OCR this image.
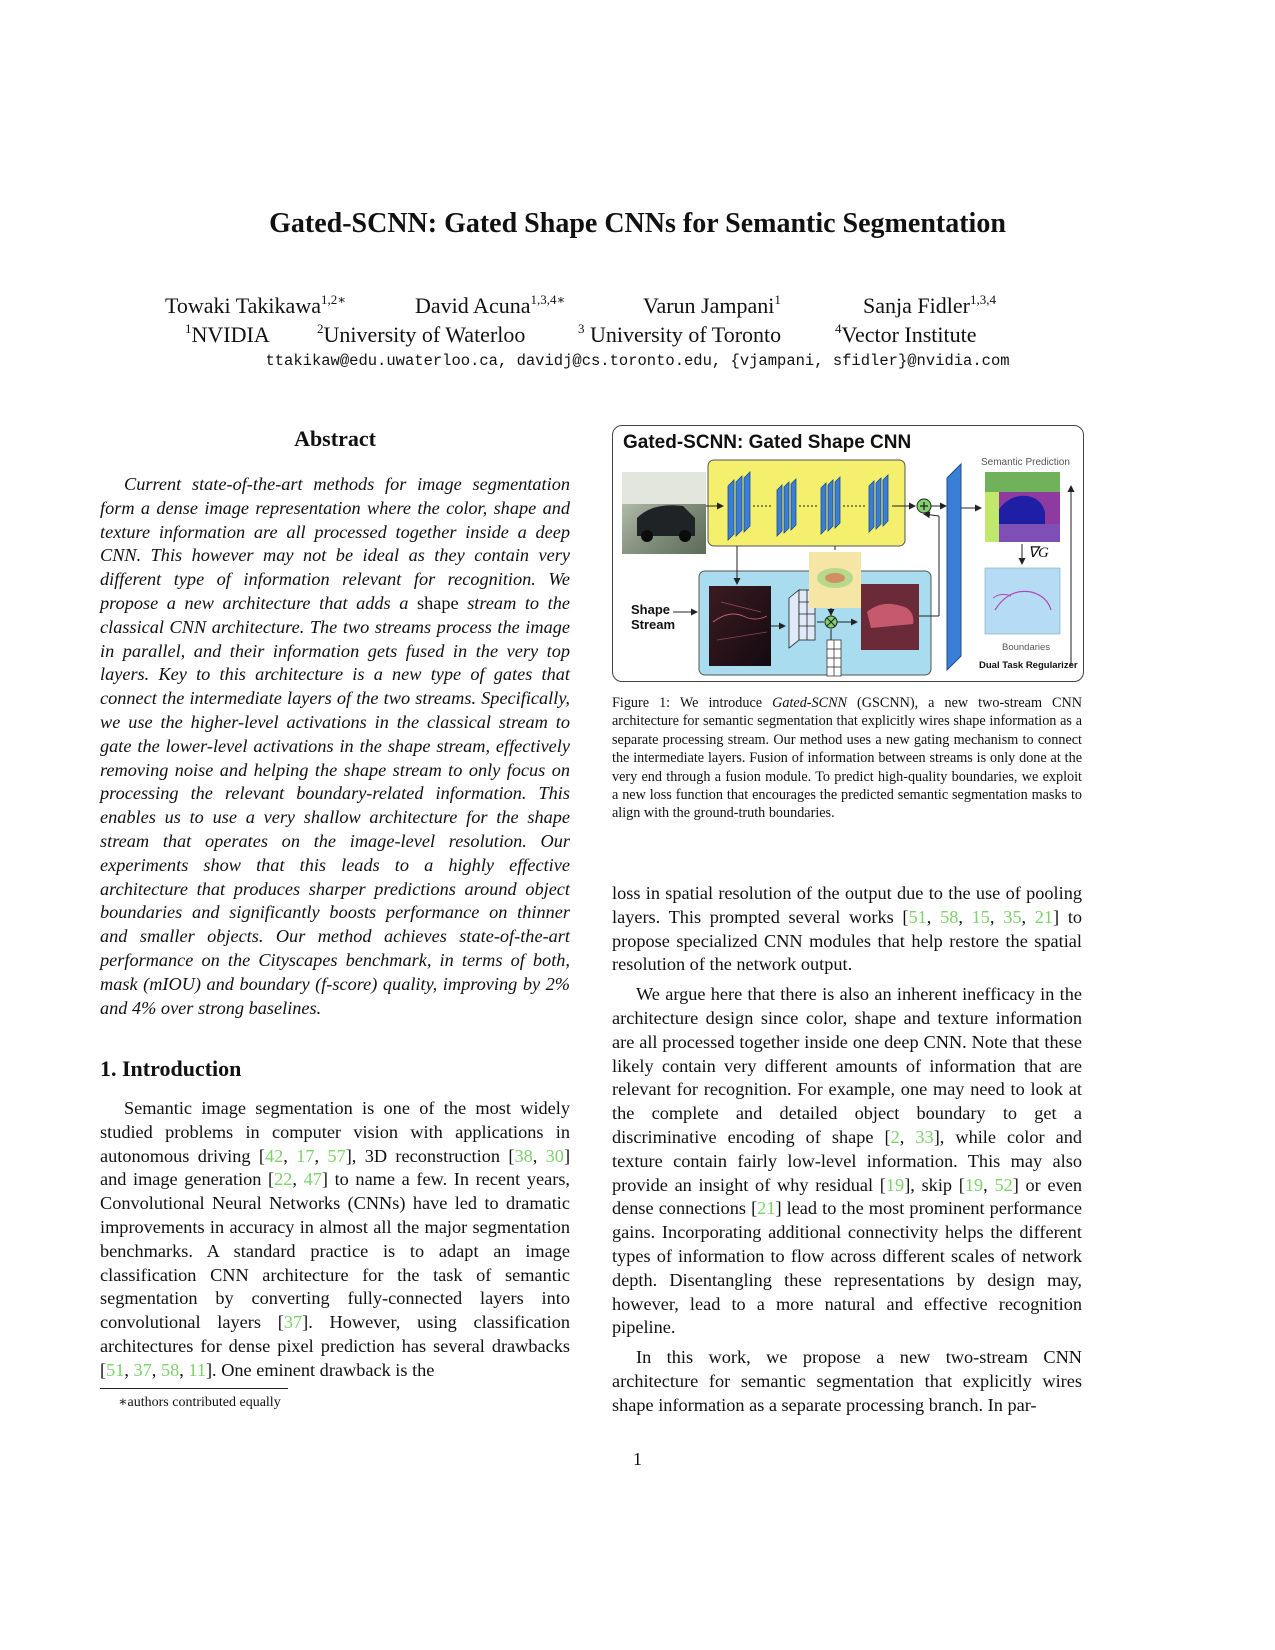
Gated-SCNN: Gated Shape CNNs for Semantic Segmentation
Towaki Takikawa$^{1,2∗}$	David Acuna$^{1,3,4∗}$	Varun Jampani$^1$	Sanja Fidler$^{1,3,4}$
$^1$NVIDIA	$^2$University of Waterloo	$^3$ University of Toronto	$^4$Vector Institute
ttakikaw@edu.uwaterloo.ca, davidj@cs.toronto.edu, {vjampani, sfidler}@nvidia.com
Abstract

Current state-of-the-art methods for image segmentation form a dense image representation where the color, shape and texture information are all processed together inside a deep CNN. This however may not be ideal as they contain very different type of information relevant for recognition. We propose a new architecture that adds a shape stream to the classical CNN architecture. The two streams process the image in parallel, and their information gets fused in the very top layers. Key to this architecture is a new type of gates that connect the intermediate layers of the two streams. Specifically, we use the higher-level activations in the classical stream to gate the lower-level activations in the shape stream, effectively removing noise and helping the shape stream to only focus on processing the relevant boundary-related information. This enables us to use a very shallow architecture for the shape stream that operates on the image-level resolution. Our experiments show that this leads to a highly effective architecture that produces sharper predictions around object boundaries and significantly boosts performance on thinner and smaller objects. Our method achieves state-of-the-art performance on the Cityscapes benchmark, in terms of both, mask (mIOU) and boundary (f-score) quality, improving by 2% and 4% over strong baselines.

1. Introduction

Semantic image segmentation is one of the most widely studied problems in computer vision with applications in autonomous driving [42, 17, 57], 3D reconstruction [38, 30] and image generation [22, 47] to name a few. In recent years, Convolutional Neural Networks (CNNs) have led to dramatic improvements in accuracy in almost all the major segmentation benchmarks. A standard practice is to adapt an image classification CNN architecture for the task of semantic segmentation by converting fully-connected layers into convolutional layers [37]. However, using classification architectures for dense pixel prediction has several drawbacks [51, 37, 58, 11]. One eminent drawback is the

∗authors contributed equally
1
Gated-SCNN: Gated Shape CNN
Semantic Prediction
∇G
Shape
Stream
Boundaries
Dual Task Regularizer
Figure 1: We introduce Gated-SCNN (GSCNN), a new two-stream CNN architecture for semantic segmentation that explicitly wires shape information as a separate processing stream. Our method uses a new gating mechanism to connect the intermediate layers. Fusion of information between streams is only done at the very end through a fusion module. To predict high-quality boundaries, we exploit a new loss function that encourages the predicted semantic segmentation masks to align with the ground-truth boundaries.

loss in spatial resolution of the output due to the use of pooling layers. This prompted several works [51, 58, 15, 35, 21] to propose specialized CNN modules that help restore the spatial resolution of the network output.

We argue here that there is also an inherent inefficacy in the architecture design since color, shape and texture information are all processed together inside one deep CNN. Note that these likely contain very different amounts of information that are relevant for recognition. For example, one may need to look at the complete and detailed object boundary to get a discriminative encoding of shape [2, 33], while color and texture contain fairly low-level information. This may also provide an insight of why residual [19], skip [19, 52] or even dense connections [21] lead to the most prominent performance gains. Incorporating additional connectivity helps the different types of information to flow across different scales of network depth. Disentangling these representations by design may, however, lead to a more natural and effective recognition pipeline.

In this work, we propose a new two-stream CNN architecture for semantic segmentation that explicitly wires shape information as a separate processing branch. In par-
